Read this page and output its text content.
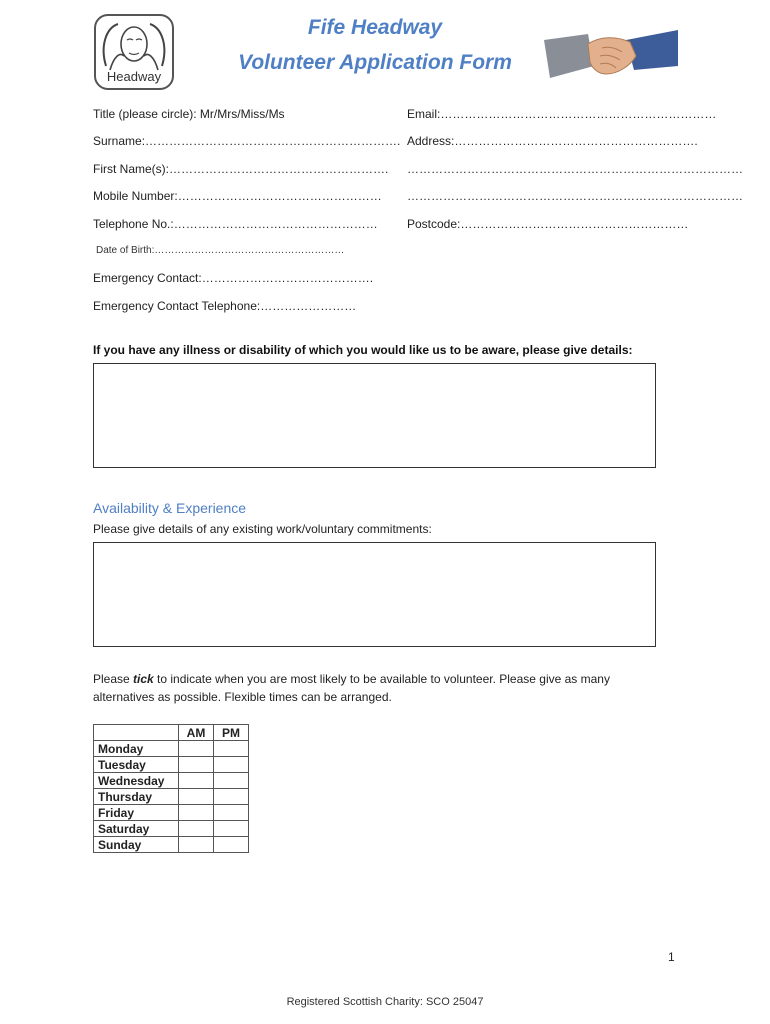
Headway
Fife Headway
Volunteer Application Form
Title (please circle): Mr/Mrs/Miss/Ms
Surname:……………………………………………………….
First Name(s):……………………………………………….
Mobile Number:……………………………………………
Telephone No.:……………………………………………
Date of Birth:…………………………………………………
Emergency Contact:…………………………………….
Emergency Contact Telephone:……………………
Email:……………………………………………………………
Address:…………………………………………………….
…………………………………………………………………………
…………………………………………………………………………
Postcode:…………………………………………………
If you have any illness or disability of which you would like us to be aware, please give details:
Availability & Experience
Please give details of any existing work/voluntary commitments:
Please tick to indicate when you are most likely to be available to volunteer. Please give as many alternatives as possible. Flexible times can be arranged.
	AM	PM
Monday		
Tuesday		
Wednesday		
Thursday		
Friday		
Saturday		
Sunday		
1
Registered Scottish Charity: SCO 25047
